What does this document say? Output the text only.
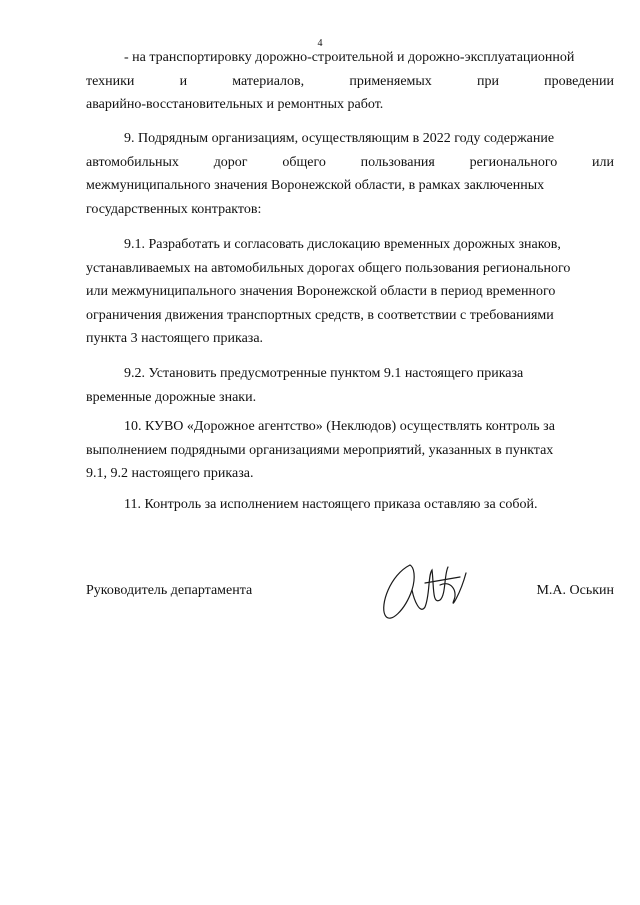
4
- на транспортировку дорожно-строительной и дорожно-эксплуатационной
техники	и	материалов,	применяемых	при	проведении
аварийно-восстановительных и ремонтных работ.
9. Подрядным организациям, осуществляющим в 2022 году содержание
автомобильных дорог общего пользования регионального или
межмуниципального значения Воронежской области, в рамках заключенных
государственных контрактов:
9.1. Разработать и согласовать дислокацию временных дорожных знаков,
устанавливаемых на автомобильных дорогах общего пользования регионального
или межмуниципального значения Воронежской области в период временного
ограничения движения транспортных средств, в соответствии с требованиями
пункта 3 настоящего приказа.
9.2. Установить предусмотренные пунктом 9.1 настоящего приказа
временные дорожные знаки.
10. КУВО «Дорожное агентство» (Неклюдов) осуществлять контроль за
выполнением подрядными организациями мероприятий, указанных в пунктах
9.1, 9.2 настоящего приказа.
11. Контроль за исполнением настоящего приказа оставляю за собой.
Руководитель департамента	М.А. Оськин
